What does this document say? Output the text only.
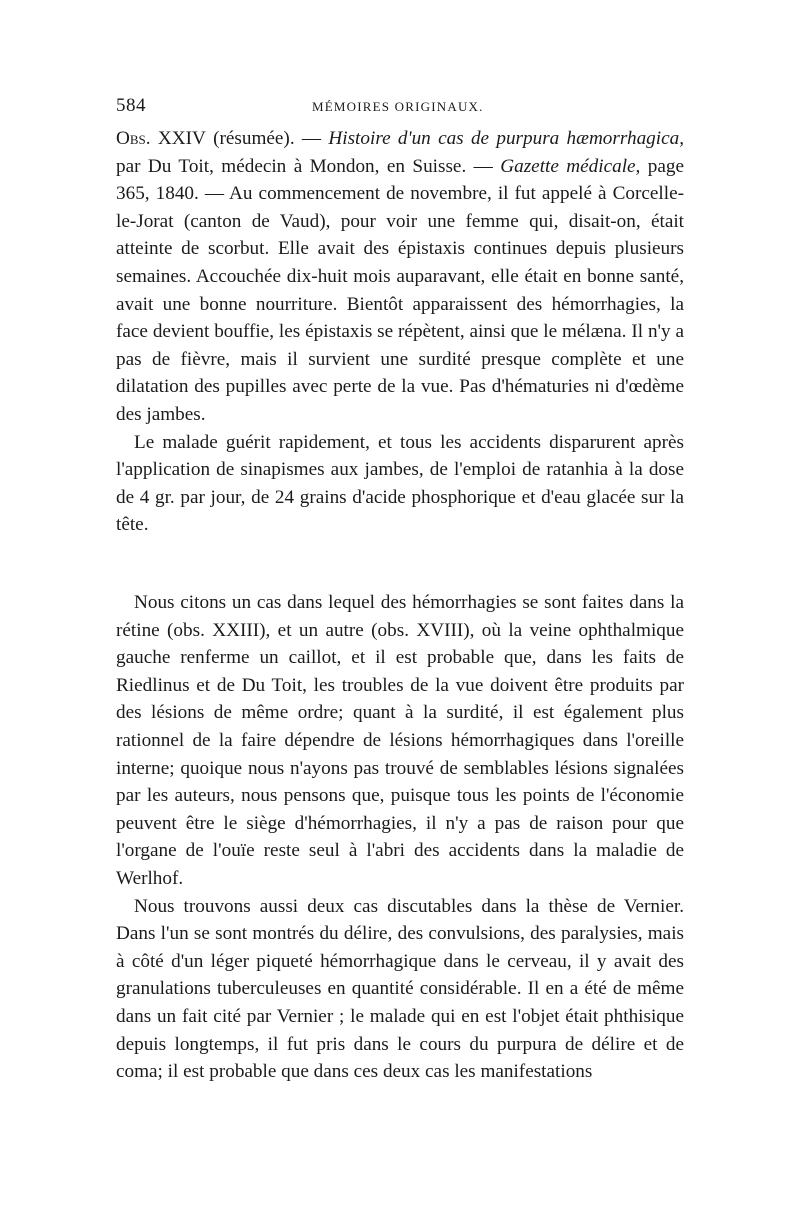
584	MÉMOIRES ORIGINAUX.

Obs. XXIV (résumée). — Histoire d'un cas de purpura hæmorrhagica, par Du Toit, médecin à Mondon, en Suisse. — Gazette médicale, page 365, 1840. — Au commencement de novembre, il fut appelé à Corcelle-le-Jorat (canton de Vaud), pour voir une femme qui, disait-on, était atteinte de scorbut. Elle avait des épistaxis continues depuis plusieurs semaines. Accouchée dix-huit mois auparavant, elle était en bonne santé, avait une bonne nourriture. Bientôt apparaissent des hémorrhagies, la face devient bouffie, les épistaxis se répètent, ainsi que le mélæna. Il n'y a pas de fièvre, mais il survient une surdité presque complète et une dilatation des pupilles avec perte de la vue. Pas d'hématuries ni d'œdème des jambes.

Le malade guérit rapidement, et tous les accidents disparurent après l'application de sinapismes aux jambes, de l'emploi de ratanhia à la dose de 4 gr. par jour, de 24 grains d'acide phosphorique et d'eau glacée sur la tête.

Nous citons un cas dans lequel des hémorrhagies se sont faites dans la rétine (obs. XXIII), et un autre (obs. XVIII), où la veine ophthalmique gauche renferme un caillot, et il est probable que, dans les faits de Riedlinus et de Du Toit, les troubles de la vue doivent être produits par des lésions de même ordre; quant à la surdité, il est également plus rationnel de la faire dépendre de lésions hémorrhagiques dans l'oreille interne; quoique nous n'ayons pas trouvé de semblables lésions signalées par les auteurs, nous pensons que, puisque tous les points de l'économie peuvent être le siège d'hémorrhagies, il n'y a pas de raison pour que l'organe de l'ouïe reste seul à l'abri des accidents dans la maladie de Werlhof.

Nous trouvons aussi deux cas discutables dans la thèse de Vernier. Dans l'un se sont montrés du délire, des convulsions, des paralysies, mais à côté d'un léger piqueté hémorrhagique dans le cerveau, il y avait des granulations tuberculeuses en quantité considérable. Il en a été de même dans un fait cité par Vernier ; le malade qui en est l'objet était phthisique depuis longtemps, il fut pris dans le cours du purpura de délire et de coma; il est probable que dans ces deux cas les manifestations
